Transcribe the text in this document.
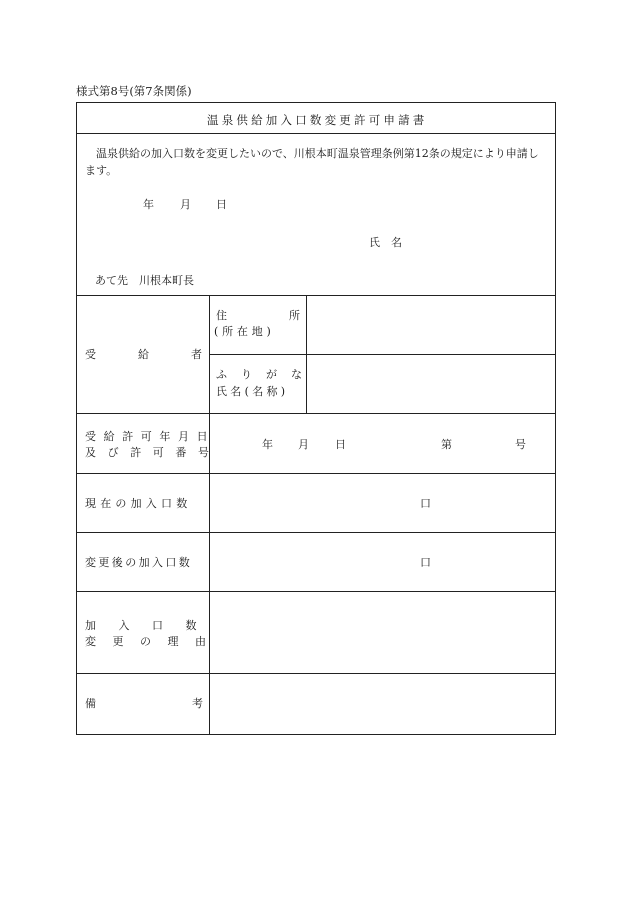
様式第8号(第7条関係)
温泉供給加入口数変更許可申請書
温泉供給の加入口数を変更したいので、川根本町温泉管理条例第12条の規定により申請します。
年 月 日
氏名
あて先　川根本町長
受給者
住	所
(所在地)
ふりがな
氏名(名称)
受給許可年月日
及び許可番号
年 月 日	第	号
現在の加入口数	口
変更後の加入口数	口
加入口数
変更の理由
備考
